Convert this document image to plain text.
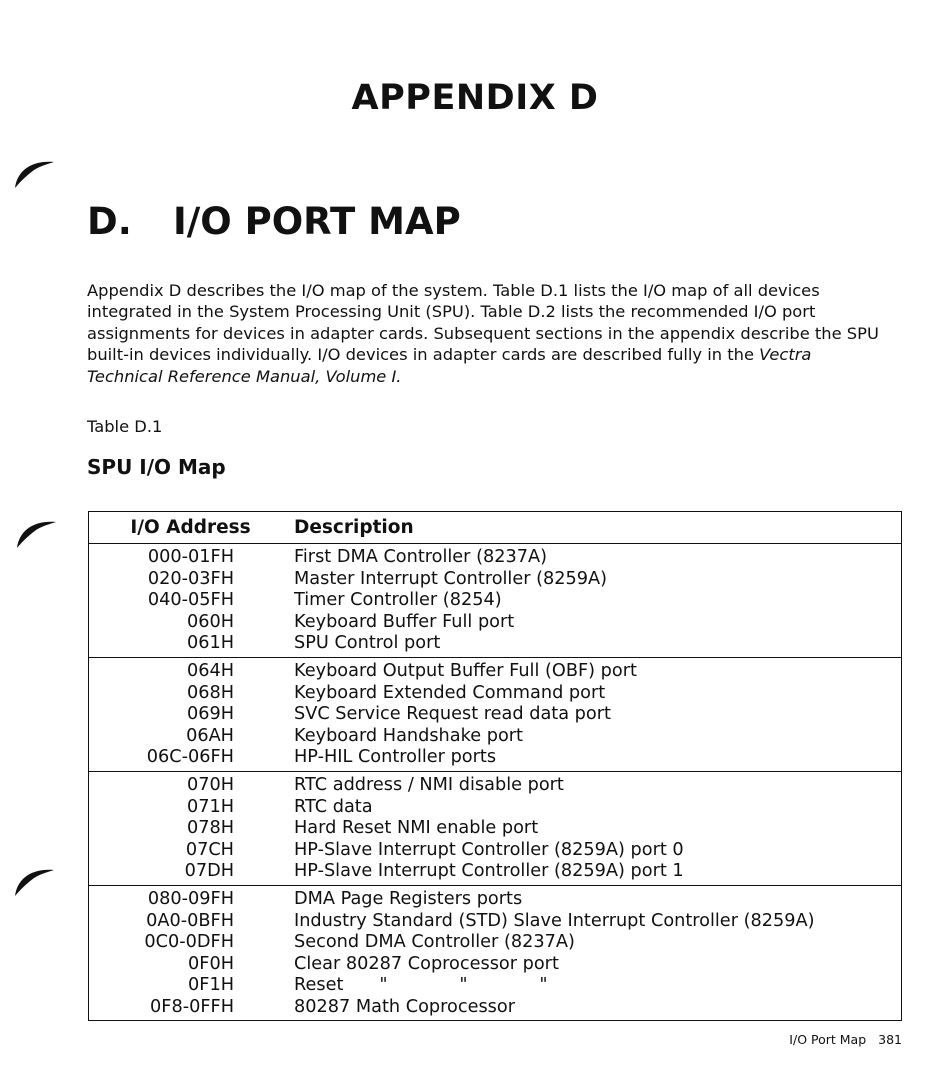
APPENDIX D
D. I/O PORT MAP
Appendix D describes the I/O map of the system. Table D.1 lists the I/O map of all devices integrated in the System Processing Unit (SPU). Table D.2 lists the recommended I/O port assignments for devices in adapter cards. Subsequent sections in the appendix describe the SPU built-in devices individually. I/O devices in adapter cards are described fully in the Vectra Technical Reference Manual, Volume I.
Table D.1
SPU I/O Map
I/O Address	Description
000-01FH	First DMA Controller (8237A)
020-03FH	Master Interrupt Controller (8259A)
040-05FH	Timer Controller (8254)
060H	Keyboard Buffer Full port
061H	SPU Control port
064H	Keyboard Output Buffer Full (OBF) port
068H	Keyboard Extended Command port
069H	SVC Service Request read data port
06AH	Keyboard Handshake port
06C-06FH	HP-HIL Controller ports
070H	RTC address / NMI disable port
071H	RTC data
078H	Hard Reset NMI enable port
07CH	HP-Slave Interrupt Controller (8259A) port 0
07DH	HP-Slave Interrupt Controller (8259A) port 1
080-09FH	DMA Page Registers ports
0A0-0BFH	Industry Standard (STD) Slave Interrupt Controller (8259A)
0C0-0DFH	Second DMA Controller (8237A)
0F0H	Clear 80287 Coprocessor port
0F1H	Reset "	"	"
0F8-0FFH	80287 Math Coprocessor
I/O Port Map 381
